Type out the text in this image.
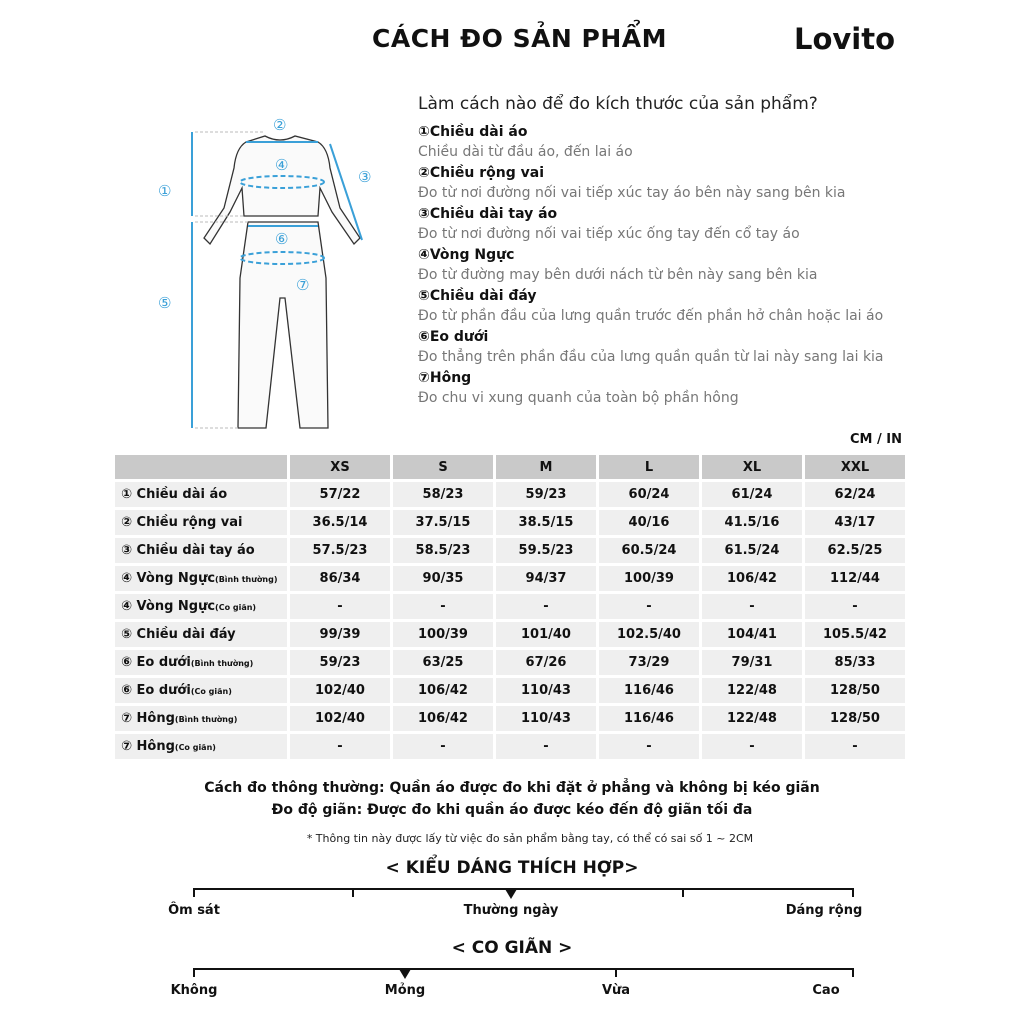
CÁCH ĐO SẢN PHẨM	Lovito
①
②
③
④
⑤
⑥
⑦
Làm cách nào để đo kích thước của sản phẩm?
①Chiều dài áo
Chiều dài từ đầu áo, đến lai áo
②Chiều rộng vai
Đo từ nơi đường nối vai tiếp xúc tay áo bên này sang bên kia
③Chiều dài tay áo
Đo từ nơi đường nối vai tiếp xúc ống tay đến cổ tay áo
④Vòng Ngực
Đo từ đường may bên dưới nách từ bên này sang bên kia
⑤Chiều dài đáy
Đo từ phần đầu của lưng quần trước đến phần hở chân hoặc lai áo
⑥Eo dưới
Đo thẳng trên phần đầu của lưng quần quần từ lai này sang lai kia
⑦Hông
Đo chu vi xung quanh của toàn bộ phần hông
CM / IN
	XS	S	M	L	XL	XXL
① Chiều dài áo	57/22	58/23	59/23	60/24	61/24	62/24
② Chiều rộng vai	36.5/14	37.5/15	38.5/15	40/16	41.5/16	43/17
③ Chiều dài tay áo	57.5/23	58.5/23	59.5/23	60.5/24	61.5/24	62.5/25
④ Vòng Ngực(Bình thường)	86/34	90/35	94/37	100/39	106/42	112/44
④ Vòng Ngực(Co giãn)	-	-	-	-	-	-
⑤ Chiều dài đáy	99/39	100/39	101/40	102.5/40	104/41	105.5/42
⑥ Eo dưới(Bình thường)	59/23	63/25	67/26	73/29	79/31	85/33
⑥ Eo dưới(Co giãn)	102/40	106/42	110/43	116/46	122/48	128/50
⑦ Hông(Bình thường)	102/40	106/42	110/43	116/46	122/48	128/50
⑦ Hông(Co giãn)	-	-	-	-	-	-
Cách đo thông thường: Quần áo được đo khi đặt ở phẳng và không bị kéo giãn
Đo độ giãn: Được đo khi quần áo được kéo đến độ giãn tối đa
* Thông tin này được lấy từ việc đo sản phẩm bằng tay, có thể có sai số 1 ~ 2CM
< KIỂU DÁNG THÍCH HỢP>
Ôm sát	Thường ngày	Dáng rộng
< CO GIÃN >
Không	Mỏng	Vừa	Cao
